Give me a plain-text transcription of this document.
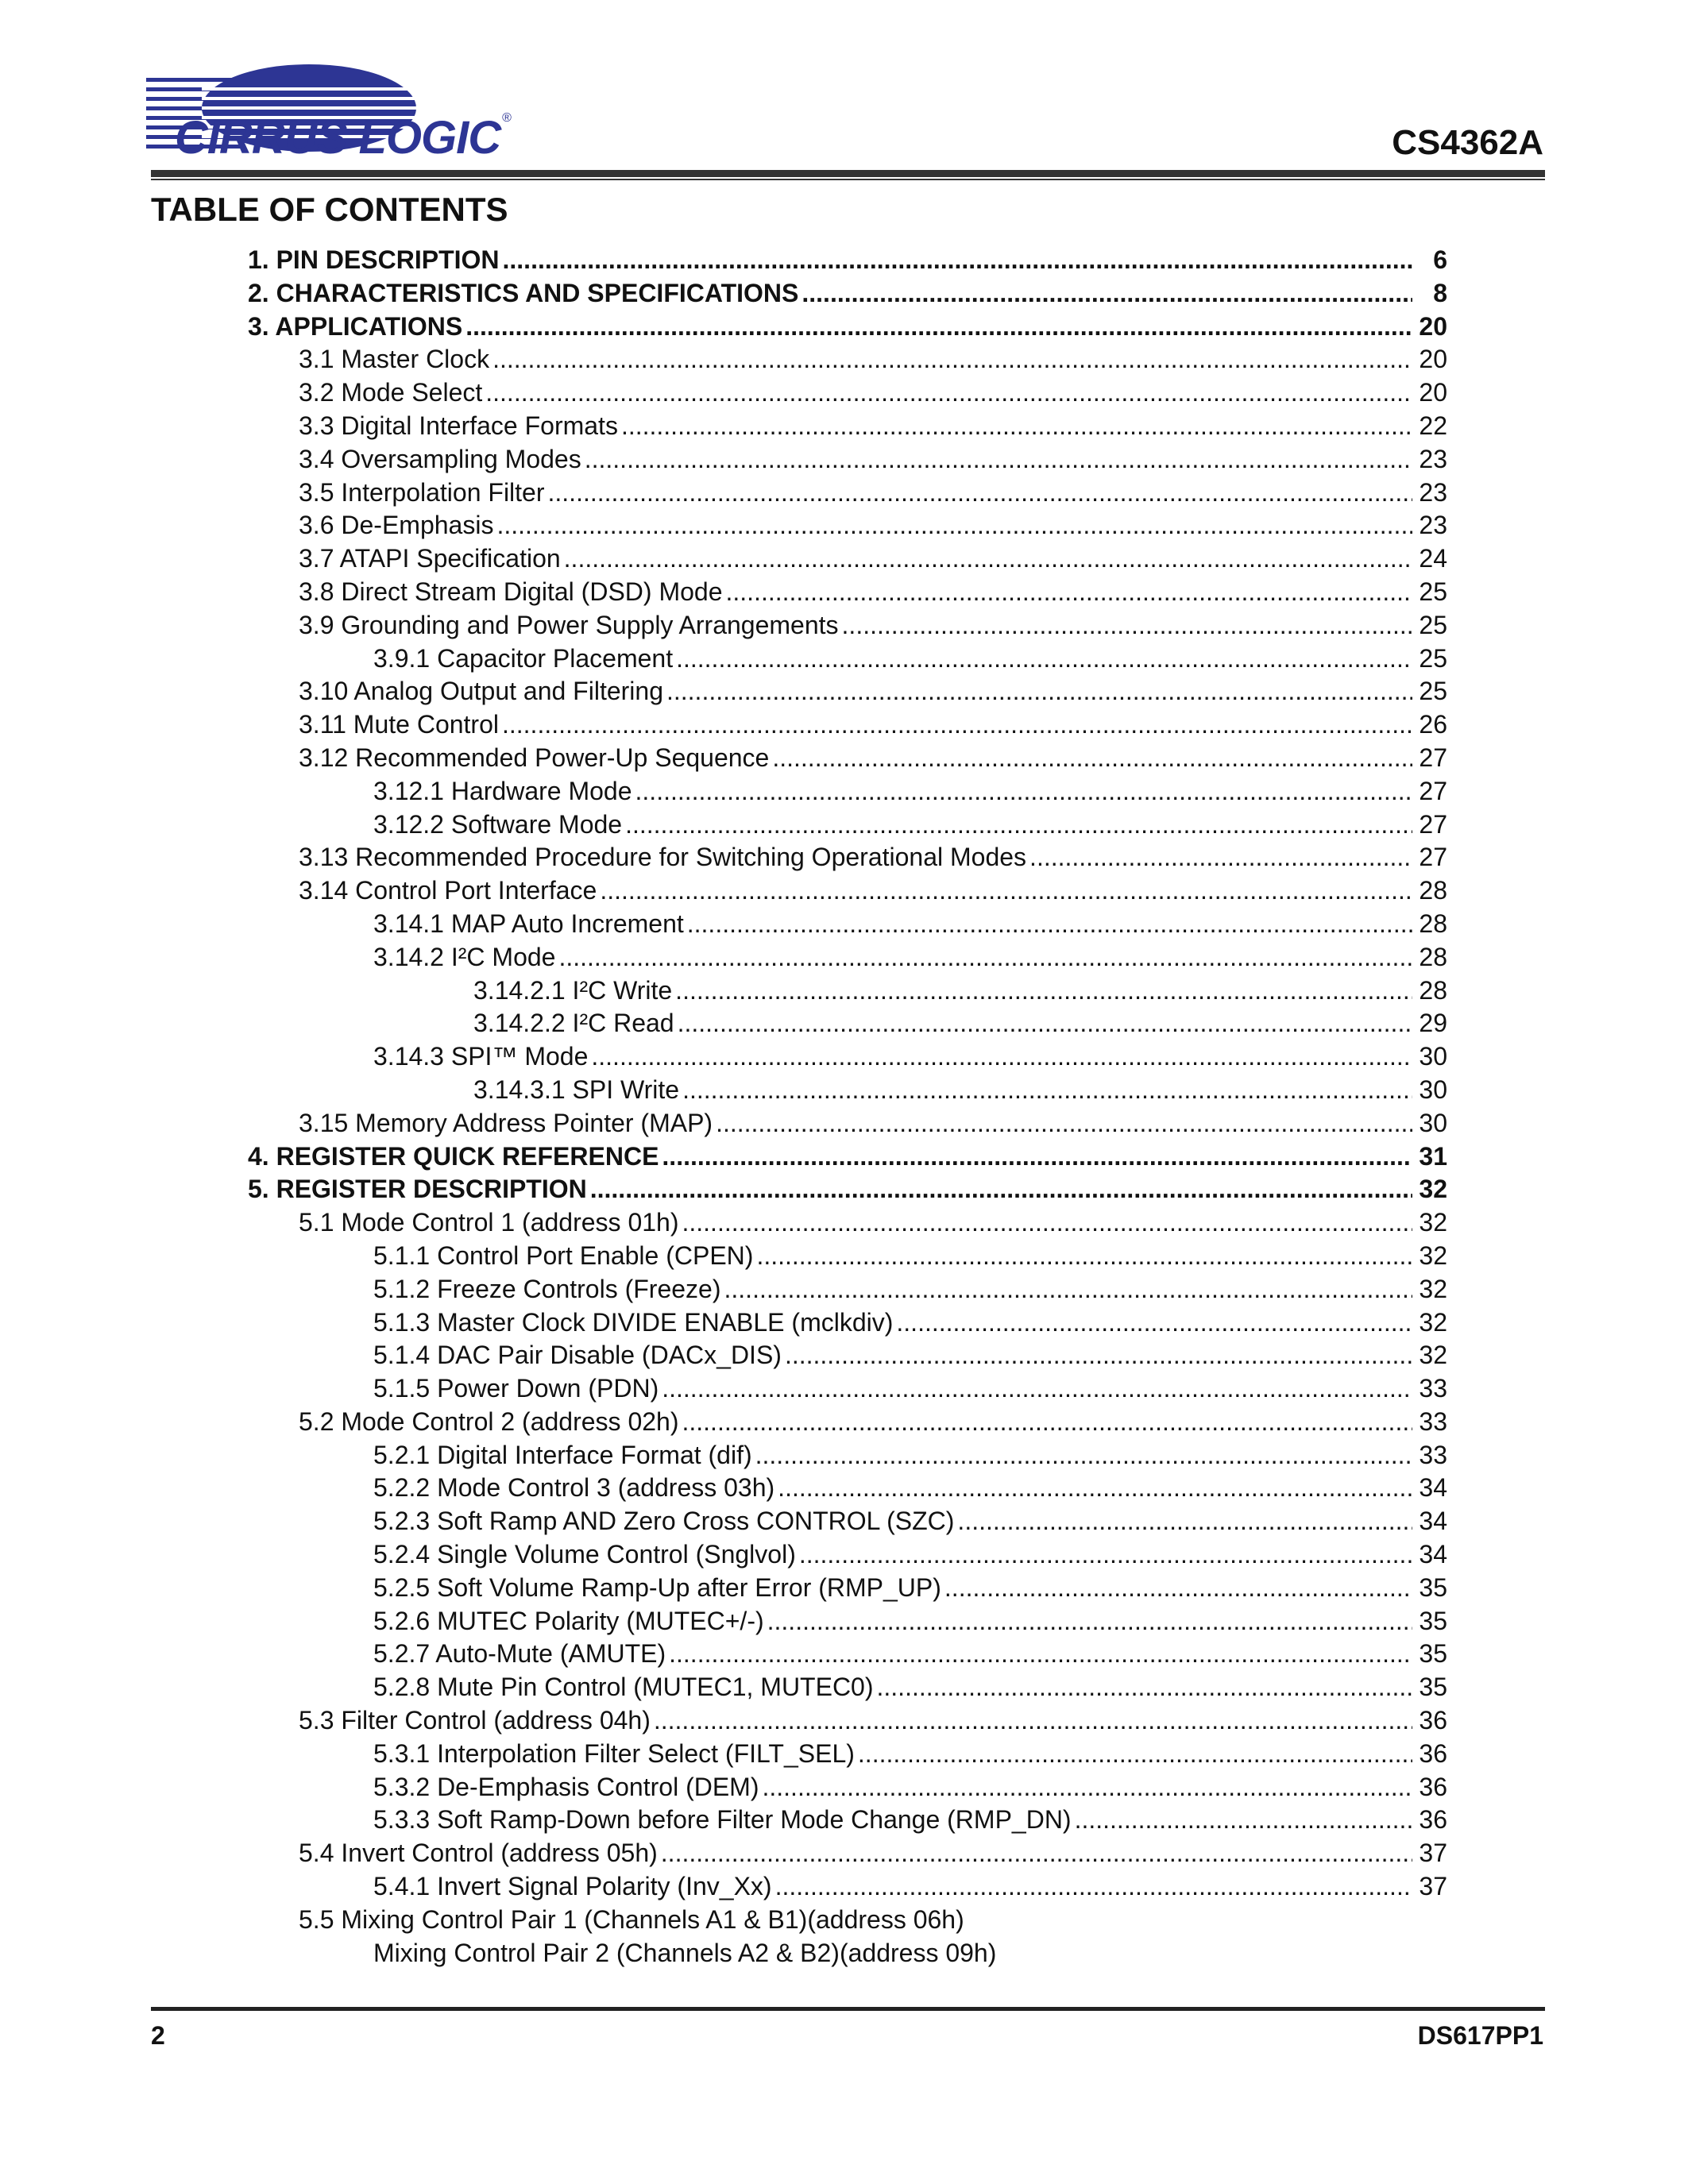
CIRRUS LOGIC ®
CS4362A
TABLE OF CONTENTS
1. PIN DESCRIPTION .....	6
2. CHARACTERISTICS AND SPECIFICATIONS .....	8
3. APPLICATIONS .....	20
3.1 Master Clock .....	20
3.2 Mode Select .....	20
3.3 Digital Interface Formats .....	22
3.4 Oversampling Modes .....	23
3.5 Interpolation Filter .....	23
3.6 De-Emphasis .....	23
3.7 ATAPI Specification .....	24
3.8 Direct Stream Digital (DSD) Mode .....	25
3.9 Grounding and Power Supply Arrangements .....	25
3.9.1 Capacitor Placement .....	25
3.10 Analog Output and Filtering .....	25
3.11 Mute Control .....	26
3.12 Recommended Power-Up Sequence .....	27
3.12.1 Hardware Mode .....	27
3.12.2 Software Mode .....	27
3.13 Recommended Procedure for Switching Operational Modes .....	27
3.14 Control Port Interface .....	28
3.14.1 MAP Auto Increment .....	28
3.14.2 I²C Mode .....	28
3.14.2.1 I²C Write .....	28
3.14.2.2 I²C Read .....	29
3.14.3 SPI™ Mode .....	30
3.14.3.1 SPI Write .....	30
3.15 Memory Address Pointer (MAP) .....	30
4. REGISTER QUICK REFERENCE .....	31
5. REGISTER DESCRIPTION .....	32
5.1 Mode Control 1 (address 01h) .....	32
5.1.1 Control Port Enable (CPEN) .....	32
5.1.2 Freeze Controls (Freeze) .....	32
5.1.3 Master Clock DIVIDE ENABLE (mclkdiv) .....	32
5.1.4 DAC Pair Disable (DACx_DIS) .....	32
5.1.5 Power Down (PDN) .....	33
5.2 Mode Control 2 (address 02h) .....	33
5.2.1 Digital Interface Format (dif) .....	33
5.2.2 Mode Control 3 (address 03h) .....	34
5.2.3 Soft Ramp AND Zero Cross CONTROL (SZC) .....	34
5.2.4 Single Volume Control (Snglvol) .....	34
5.2.5 Soft Volume Ramp-Up after Error (RMP_UP) .....	35
5.2.6 MUTEC Polarity (MUTEC+/-) .....	35
5.2.7 Auto-Mute (AMUTE) .....	35
5.2.8 Mute Pin Control (MUTEC1, MUTEC0) .....	35
5.3 Filter Control (address 04h) .....	36
5.3.1 Interpolation Filter Select (FILT_SEL) .....	36
5.3.2 De-Emphasis Control (DEM) .....	36
5.3.3 Soft Ramp-Down before Filter Mode Change (RMP_DN) .....	36
5.4 Invert Control (address 05h) .....	37
5.4.1 Invert Signal Polarity (Inv_Xx) .....	37
5.5 Mixing Control Pair 1 (Channels A1 & B1)(address 06h)
Mixing Control Pair 2 (Channels A2 & B2)(address 09h)
2	DS617PP1
